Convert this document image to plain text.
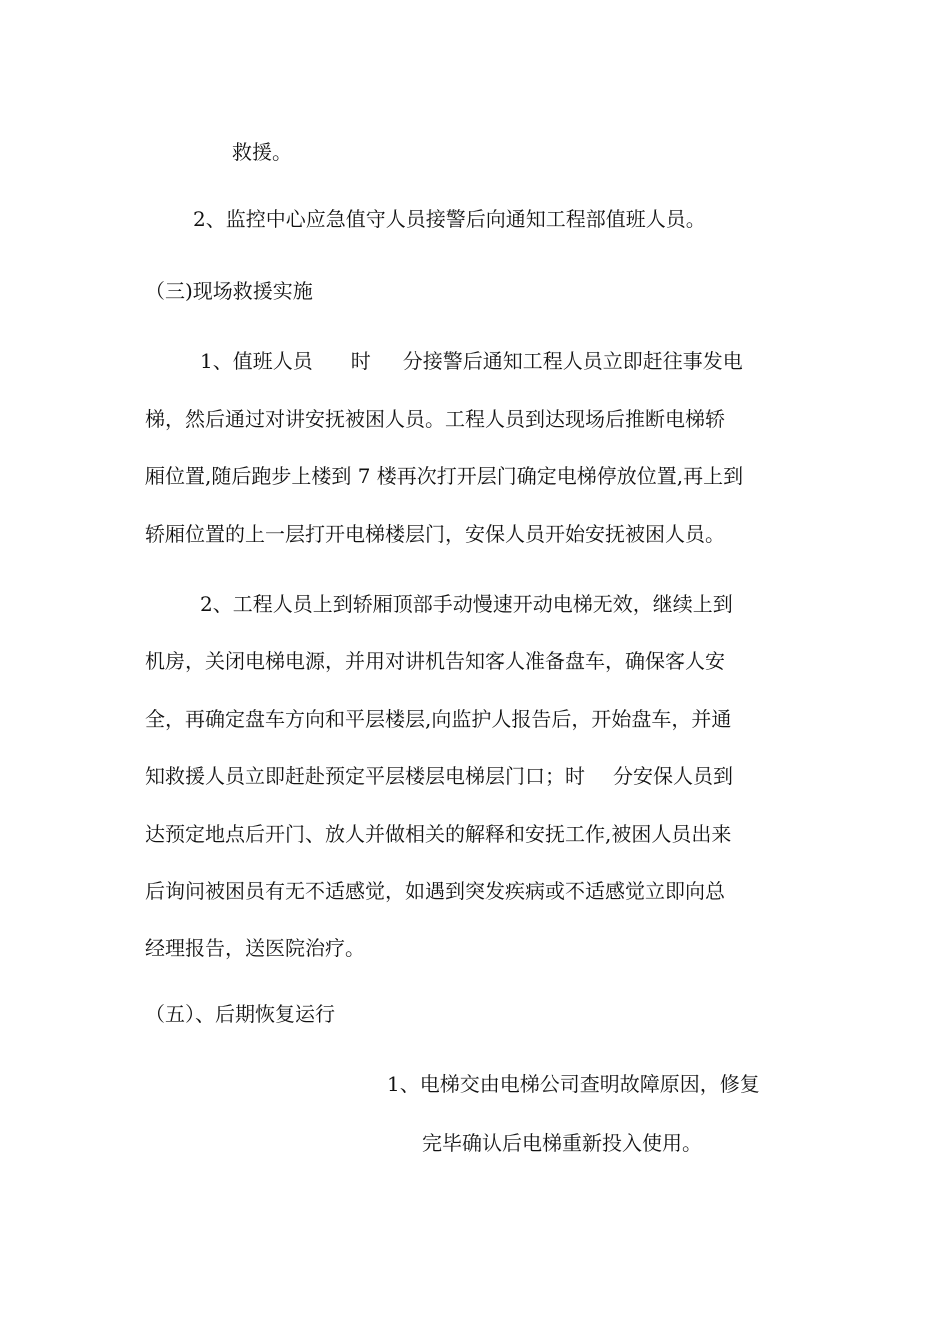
救援。

2、监控中心应急值守人员接警后向通知工程部值班人员。

（三)现场救援实施

1、值班人员 时 分接警后通知工程人员立即赶往事发电

梯，然后通过对讲安抚被困人员。工程人员到达现场后推断电梯轿

厢位置,随后跑步上楼到 7 楼再次打开层门确定电梯停放位置,再上到

轿厢位置的上一层打开电梯楼层门，安保人员开始安抚被困人员。

2、工程人员上到轿厢顶部手动慢速开动电梯无效，继续上到

机房，关闭电梯电源，并用对讲机告知客人准备盘车，确保客人安

全，再确定盘车方向和平层楼层,向监护人报告后，开始盘车，并通

知救援人员立即赶赴预定平层楼层电梯层门口；时 分安保人员到

达预定地点后开门、放人并做相关的解释和安抚工作,被困人员出来

后询问被困员有无不适感觉，如遇到突发疾病或不适感觉立即向总

经理报告，送医院治疗。

（五）、后期恢复运行

1、电梯交由电梯公司查明故障原因，修复

完毕确认后电梯重新投入使用。
